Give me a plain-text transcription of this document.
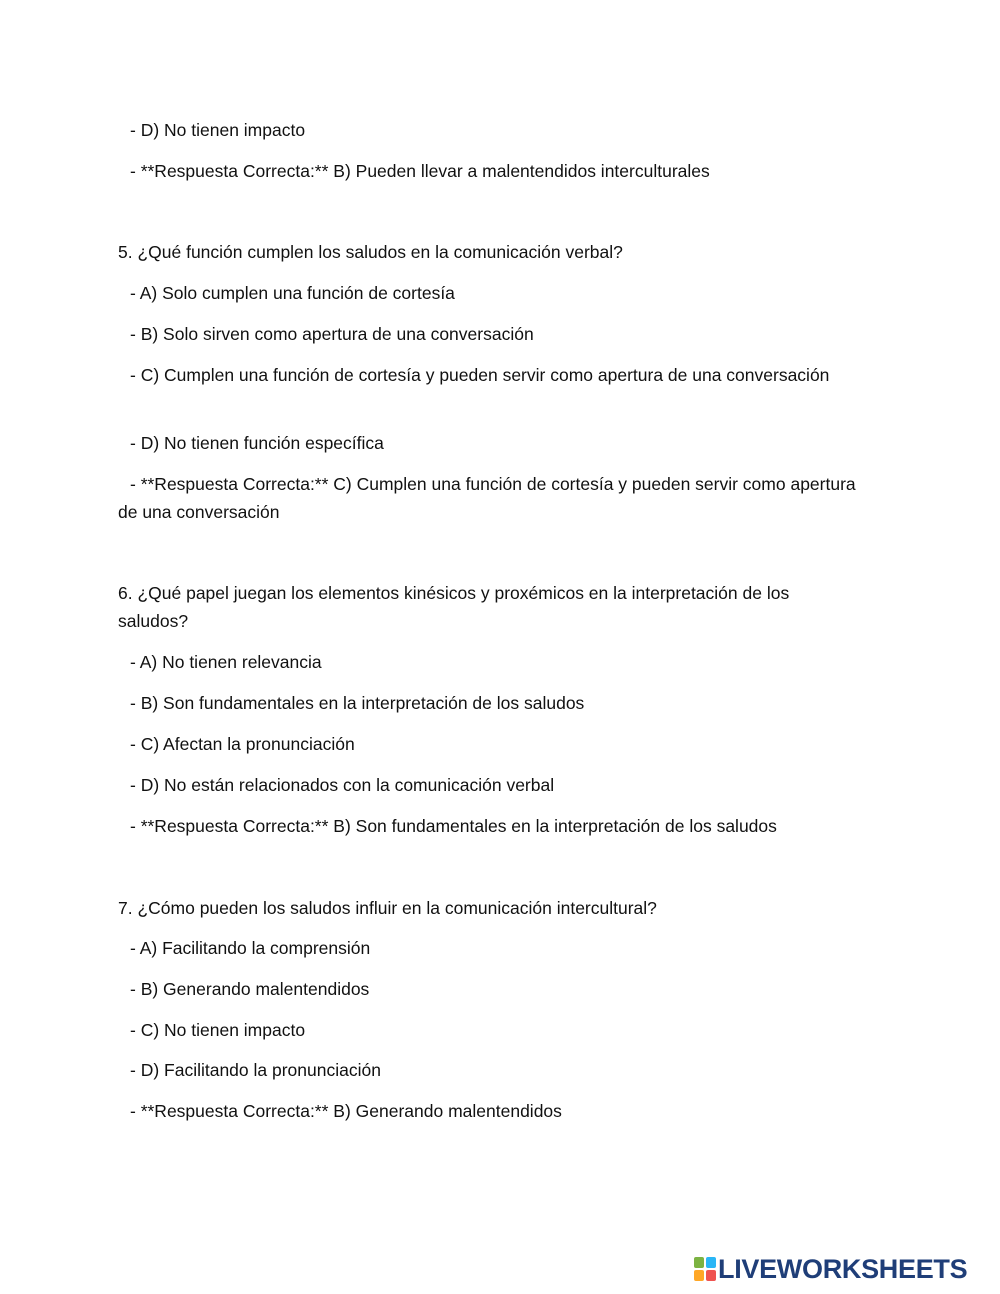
- D) No tienen impacto
- **Respuesta Correcta:** B) Pueden llevar a malentendidos interculturales
5. ¿Qué función cumplen los saludos en la comunicación verbal?
- A) Solo cumplen una función de cortesía
- B) Solo sirven como apertura de una conversación
- C) Cumplen una función de cortesía y pueden servir como apertura de una conversación
- D) No tienen función específica
- **Respuesta Correcta:** C) Cumplen una función de cortesía y pueden servir como apertura de una conversación
6. ¿Qué papel juegan los elementos kinésicos y proxémicos en la interpretación de los saludos?
- A) No tienen relevancia
- B) Son fundamentales en la interpretación de los saludos
- C) Afectan la pronunciación
- D) No están relacionados con la comunicación verbal
- **Respuesta Correcta:** B) Son fundamentales en la interpretación de los saludos
7. ¿Cómo pueden los saludos influir en la comunicación intercultural?
- A) Facilitando la comprensión
- B) Generando malentendidos
- C) No tienen impacto
- D) Facilitando la pronunciación
- **Respuesta Correcta:** B) Generando malentendidos
LIVEWORKSHEETS
